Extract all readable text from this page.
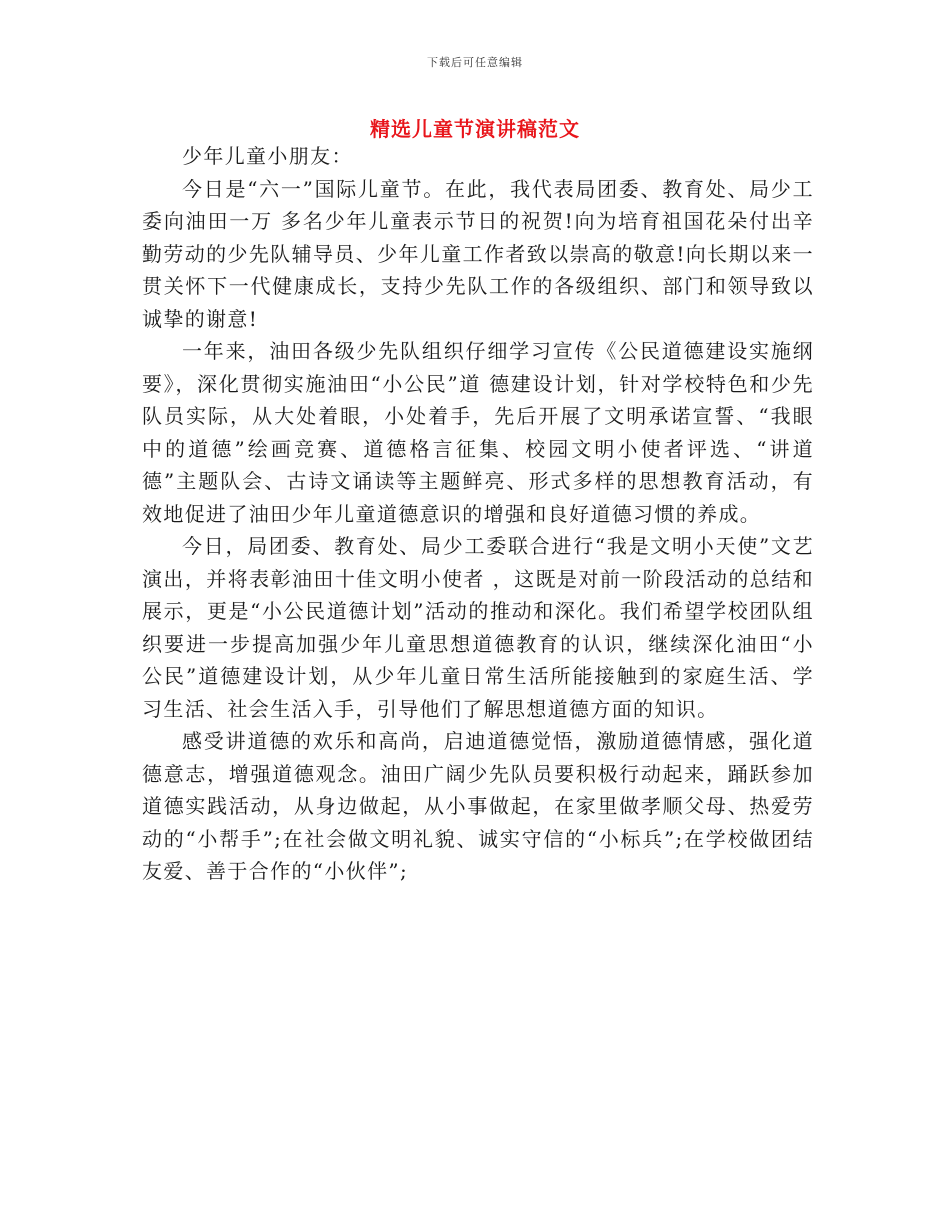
下载后可任意编辑
精选儿童节演讲稿范文

少年儿童小朋友：

今日是“六一”国际儿童节。在此，我代表局团委、教育处、局少工委向油田一万 多名少年儿童表示节日的祝贺!向为培育祖国花朵付出辛勤劳动的少先队辅导员、少年儿童工作者致以崇高的敬意!向长期以来一贯关怀下一代健康成长，支持少先队工作的各级组织、部门和领导致以诚挚的谢意!

一年来，油田各级少先队组织仔细学习宣传《公民道德建设实施纲要》，深化贯彻实施油田“小公民”道 德建设计划，针对学校特色和少先队员实际，从大处着眼，小处着手，先后开展了文明承诺宣誓、“我眼中的道德”绘画竞赛、道德格言征集、校园文明小使者评选、“讲道德”主题队会、古诗文诵读等主题鲜亮、形式多样的思想教育活动，有效地促进了油田少年儿童道德意识的增强和良好道德习惯的养成。

今日，局团委、教育处、局少工委联合进行“我是文明小天使”文艺演出，并将表彰油田十佳文明小使者 ，这既是对前一阶段活动的总结和展示，更是“小公民道德计划”活动的推动和深化。我们希望学校团队组织要进一步提高加强少年儿童思想道德教育的认识，继续深化油田“小公民”道德建设计划，从少年儿童日常生活所能接触到的家庭生活、学习生活、社会生活入手，引导他们了解思想道德方面的知识。

感受讲道德的欢乐和高尚，启迪道德觉悟，激励道德情感，强化道德意志，增强道德观念。油田广阔少先队员要积极行动起来，踊跃参加道德实践活动，从身边做起，从小事做起，在家里做孝顺父母、热爱劳动的“小帮手”;在社会做文明礼貌、诚实守信的“小标兵”;在学校做团结友爱、善于合作的“小伙伴”;
